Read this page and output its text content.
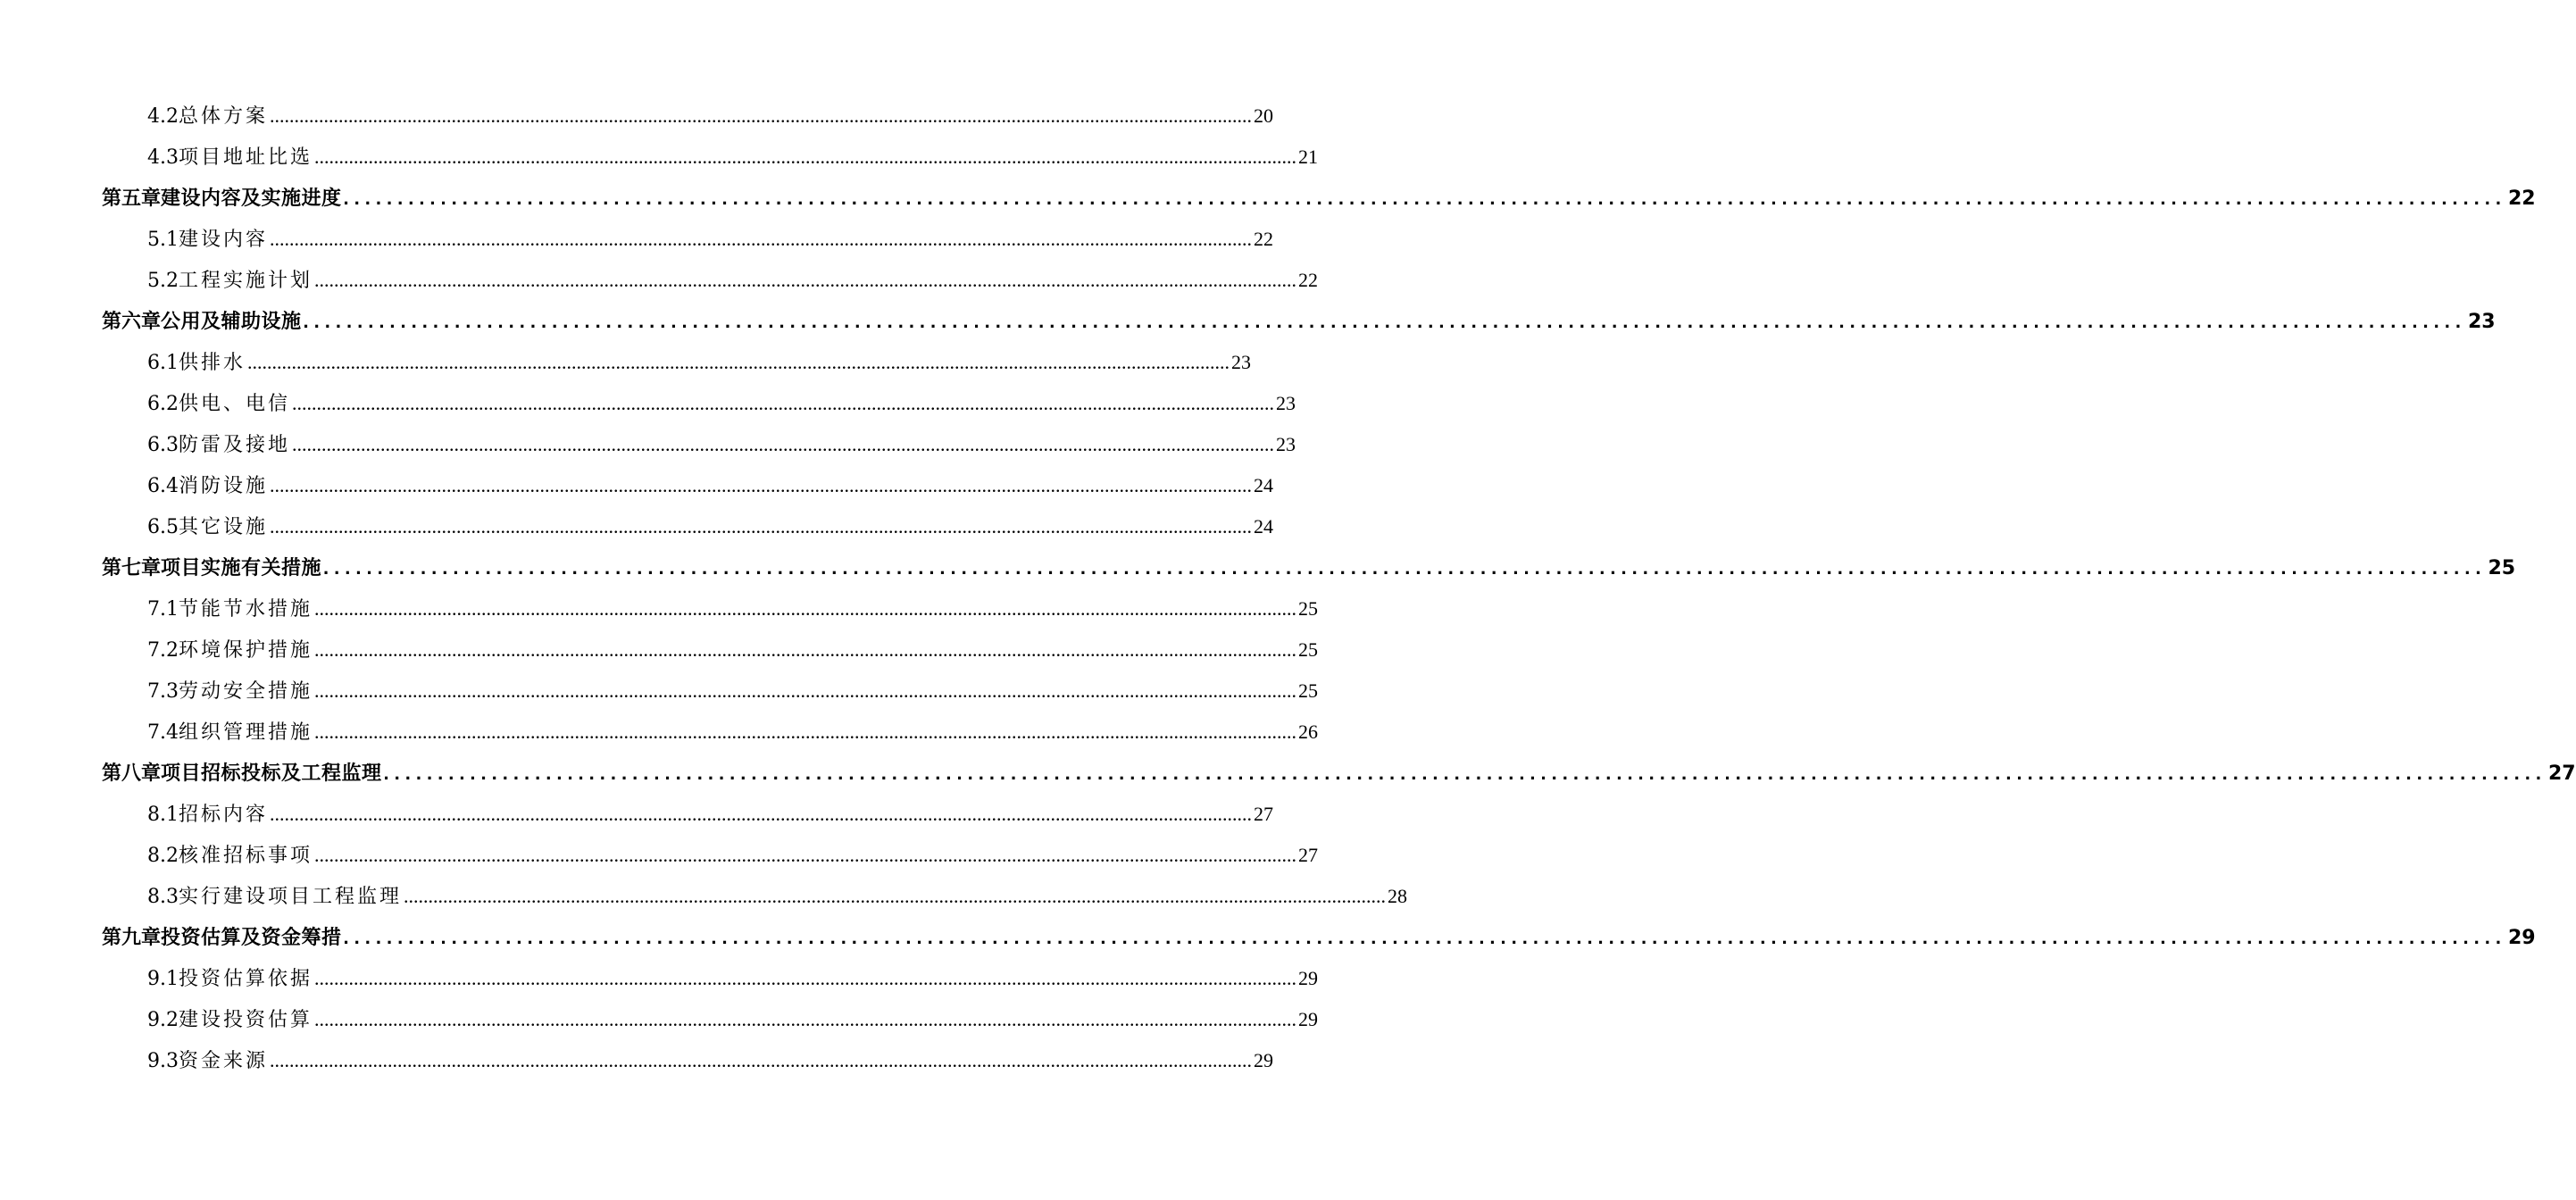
4.2 总体方案 ........................................................................................................................................................................................................ 20
4.3 项目地址比选 ........................................................................................................................................................................................................ 21
第五章 建设内容及实施进度 ........................................................................................................................................................................................................ 22
5.1 建设内容 ........................................................................................................................................................................................................ 22
5.2 工程实施计划 ........................................................................................................................................................................................................ 22
第六章 公用及辅助设施 ........................................................................................................................................................................................................ 23
6.1 供排水 ........................................................................................................................................................................................................ 23
6.2 供电、电信 ........................................................................................................................................................................................................ 23
6.3 防雷及接地 ........................................................................................................................................................................................................ 23
6.4 消防设施 ........................................................................................................................................................................................................ 24
6.5 其它设施 ........................................................................................................................................................................................................ 24
第七章 项目实施有关措施 ........................................................................................................................................................................................................ 25
7.1 节能节水措施 ........................................................................................................................................................................................................ 25
7.2 环境保护措施 ........................................................................................................................................................................................................ 25
7.3 劳动安全措施 ........................................................................................................................................................................................................ 25
7.4 组织管理措施 ........................................................................................................................................................................................................ 26
第八章 项目招标投标及工程监理 ........................................................................................................................................................................................................ 27
8.1 招标内容 ........................................................................................................................................................................................................ 27
8.2 核准招标事项 ........................................................................................................................................................................................................ 27
8.3 实行建设项目工程监理 ........................................................................................................................................................................................................ 28
第九章 投资估算及资金筹措 ........................................................................................................................................................................................................ 29
9.1 投资估算依据 ........................................................................................................................................................................................................ 29
9.2 建设投资估算 ........................................................................................................................................................................................................ 29
9.3 资金来源 ........................................................................................................................................................................................................ 29
